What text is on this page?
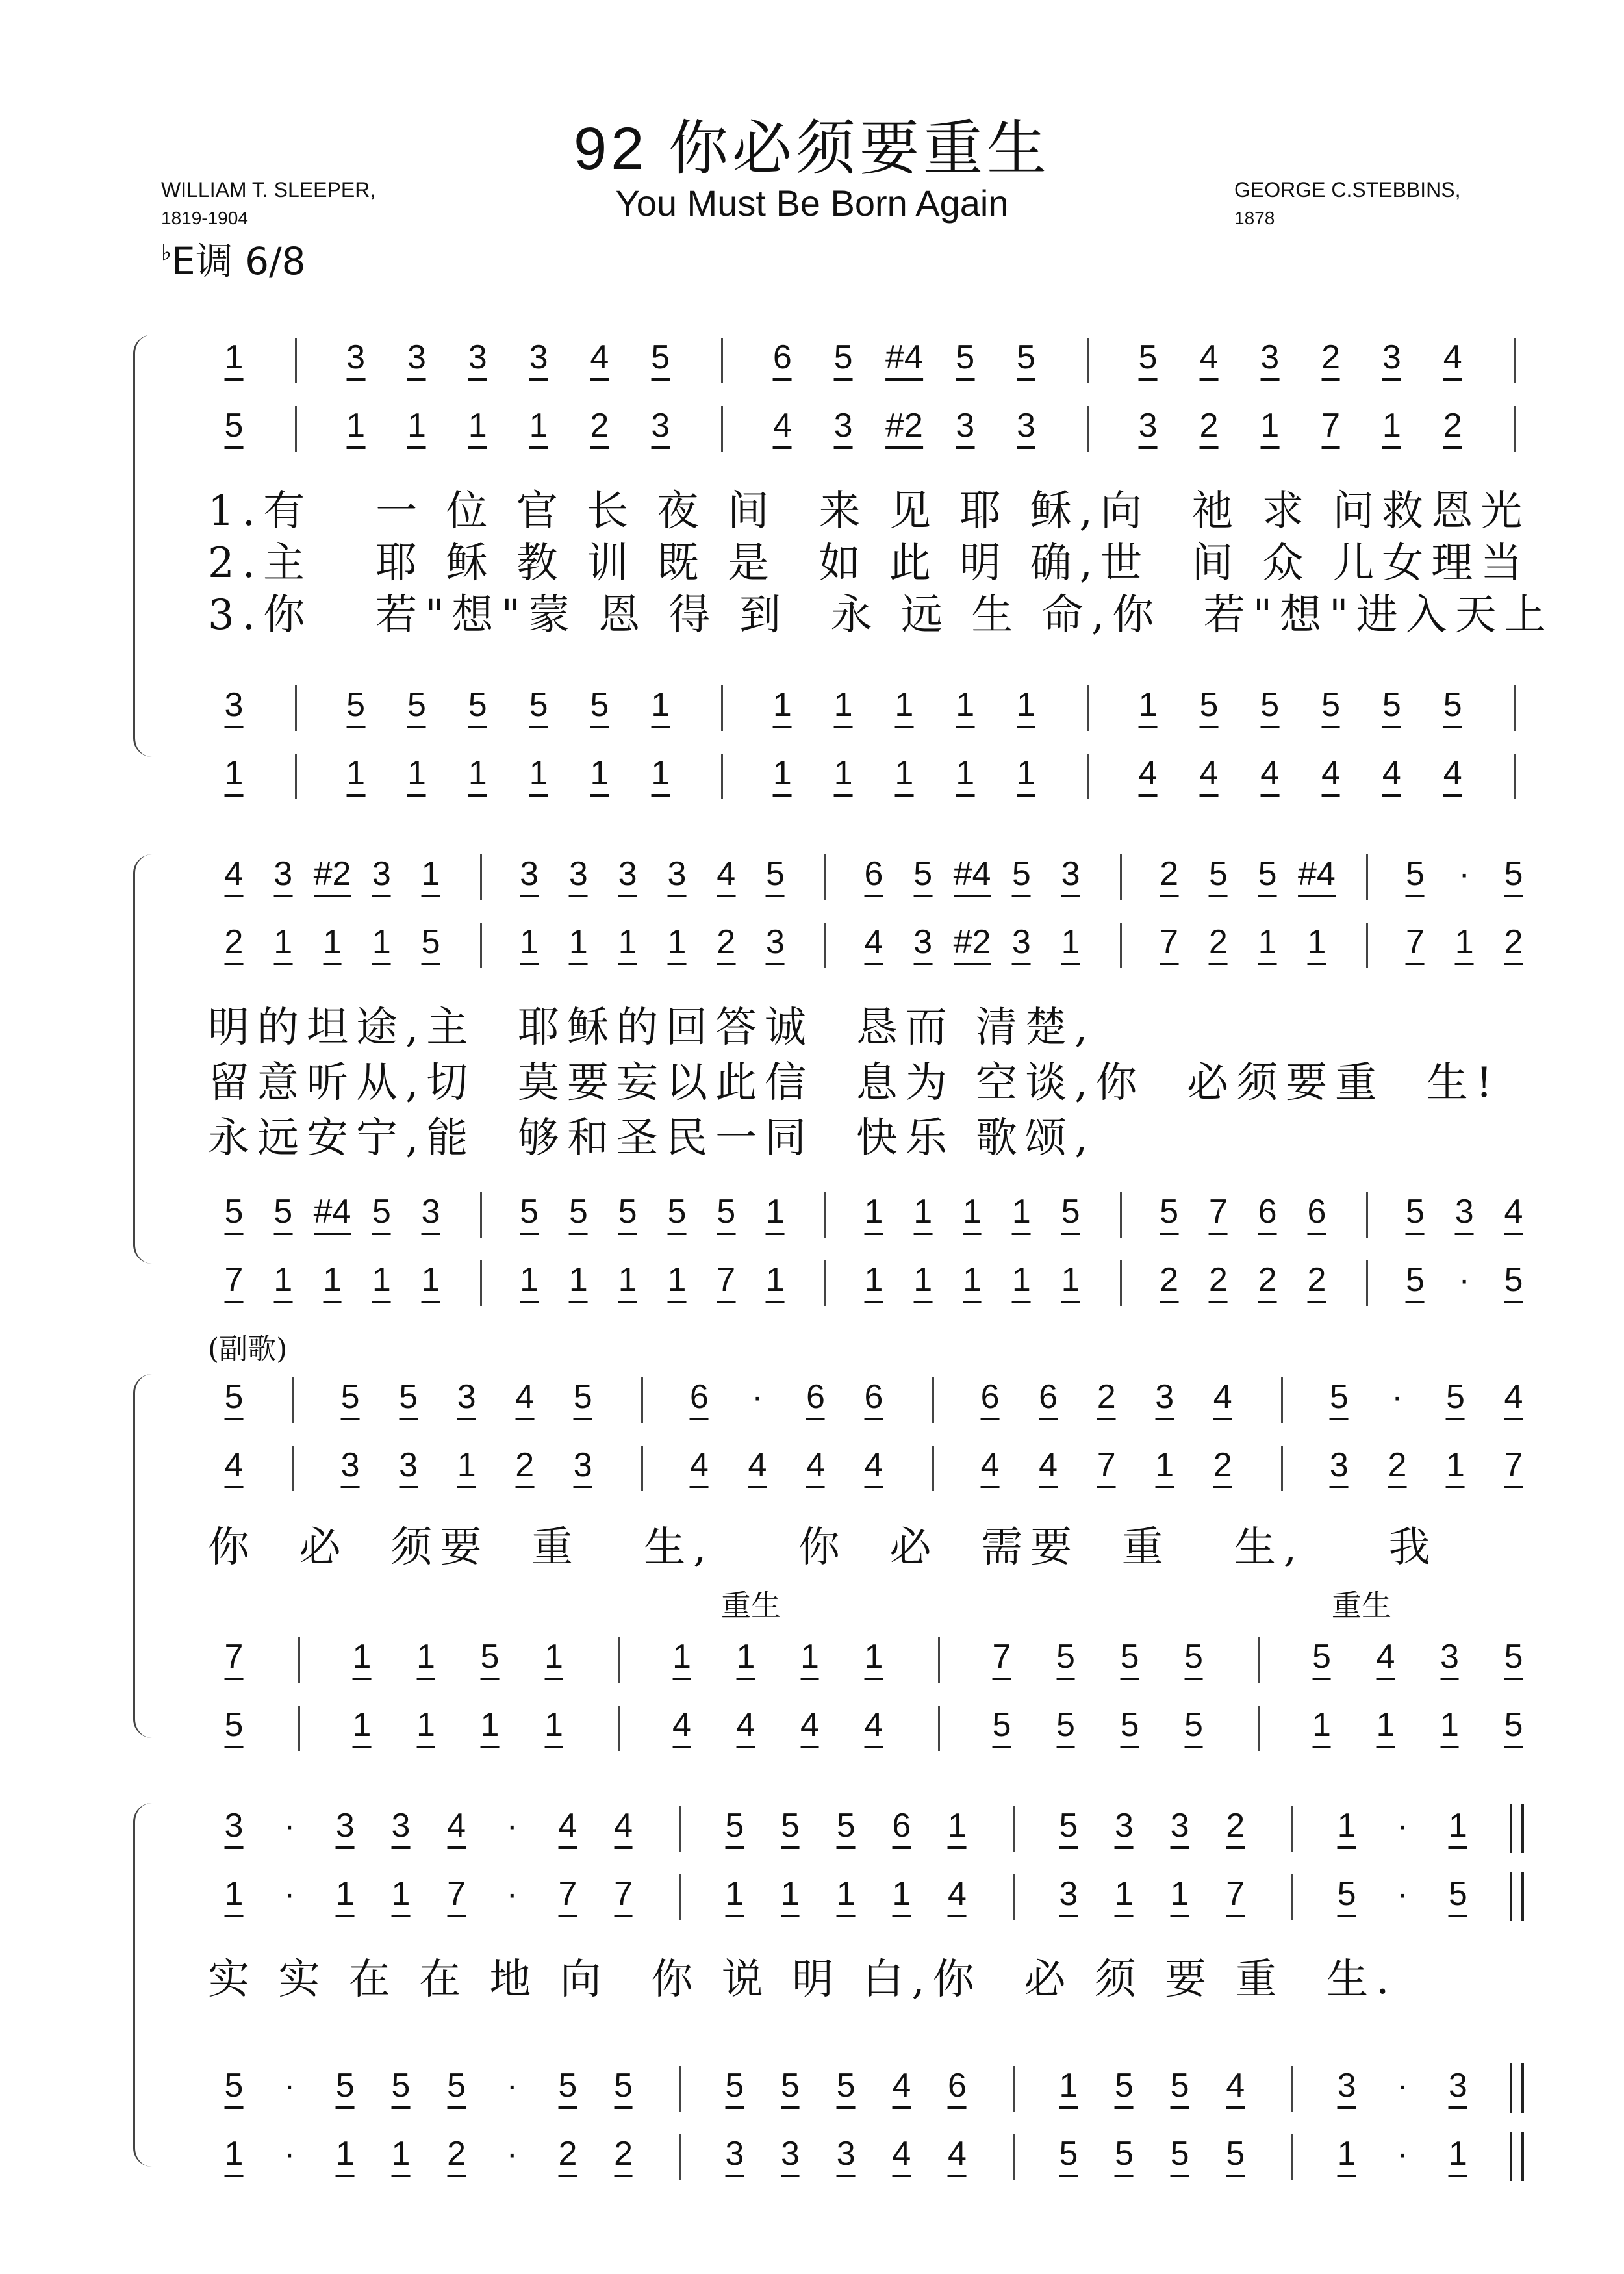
92 你必须要重生
You Must Be Born Again
WILLIAM T. SLEEPER,
1819-1904
GEORGE C.STEBBINS,
1878
♭E调 6/8
1	3 3 3 3 4 5	6 5 #4 5 5	5 4 3 2 3 4
5	1 1 1 1 2 3	4 3 #2 3 3	3 2 1 7 1 2
3	5 5 5 5 5 1	1 1 1 1 1	1 5 5 5 5 5
1	1 1 1 1 1 1	1 1 1 1 1	4 4 4 4 4 4
1.有   一 位 官 长 夜 间  来 见 耶 稣,向  祂 求 问救恩光
2.主   耶 稣 教 训 既 是  如 此 明 确,世  间 众 儿女理当
3.你   若"想"蒙 恩 得 到  永 远 生 命,你  若"想"进入天上
4 3 #2 3 1 3 3 3 3 4 5 6 5 #4 5 3 2 5 5 #4 5 · 5
2 1 1 1 5 1 1 1 1 2 3 4 3 #2 3 1 7 2 1 1 7 1 2
5 5 #4 5 3 5 5 5 5 5 1 1 1 1 1 5 5 7 6 6 5 3 4
7 1 1 1 1 1 1 1 1 7 1 1 1 1 1 1 2 2 2 2 5 · 5
明的坦途,主  耶稣的回答诚  恳而 清楚,
留意听从,切  莫要妄以此信  息为 空谈,你  必须要重  生!
永远安宁,能  够和圣民一同  快乐 歌颂,
(副歌)
5	5 5 3 4 5	6 · 6 6	6 6 2 3 4	5 · 5 4
4	3 3 1 2 3	4 4 4 4	4 4 7 1 2	3 2 1 7
7	1 1 5 1	1 1 1 1	7 5 5 5	5 4 3 5
5	1 1 1 1	4 4 4 4	5 5 5 5	1 1 1 5
你  必  须要  重   生,    你  必  需要  重   生,    我
重生	重生
3 · 3 3 4 · 4 4	5 5 5 6 1	5 3 3 2	1 · 1
1 · 1 1 7 · 7 7	1 1 1 1 4	3 1 1 7	5 · 5
5 · 5 5 5 · 5 5	5 5 5 4 6	1 5 5 4	3 · 3
1 · 1 1 2 · 2 2	3 3 3 4 4	5 5 5 5	1 · 1
实 实 在 在 地 向  你 说 明 白,你  必 须 要 重  生.
